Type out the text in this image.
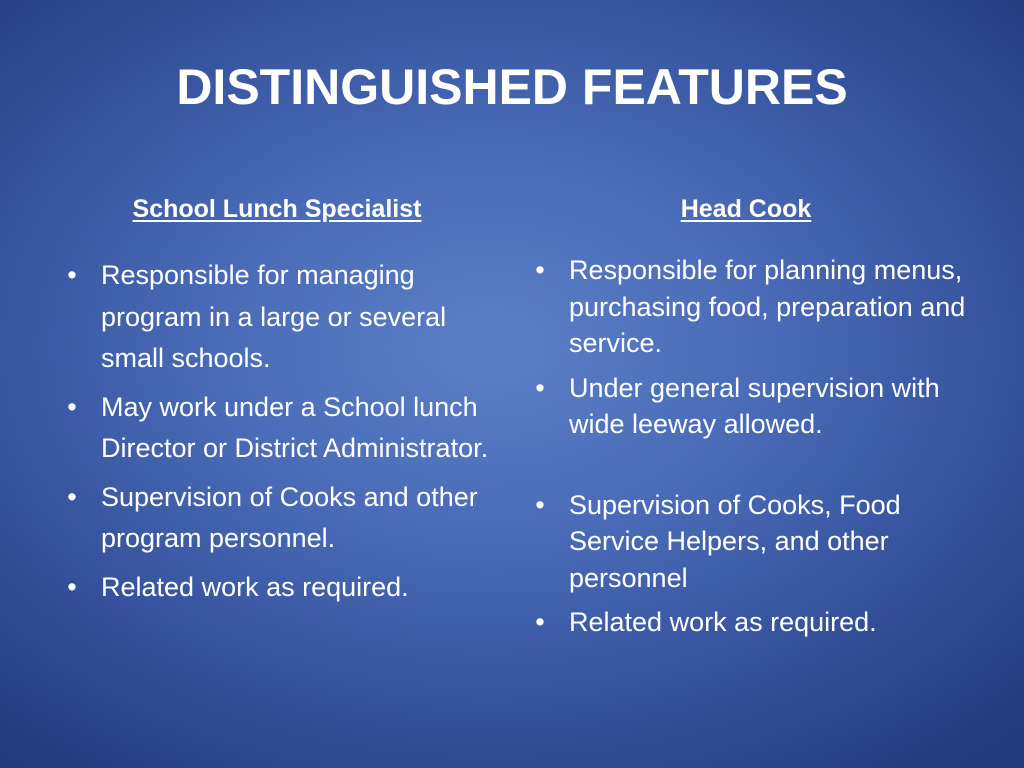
DISTINGUISHED FEATURES
School Lunch Specialist
• Responsible for managing program in a large or several small schools.
• May work under a School lunch Director or District Administrator.
• Supervision of Cooks and other program personnel.
• Related work as required.
Head Cook
• Responsible for planning menus, purchasing food, preparation and service.
• Under general supervision with wide leeway allowed.
• Supervision of Cooks, Food Service Helpers, and other personnel
• Related work as required.
